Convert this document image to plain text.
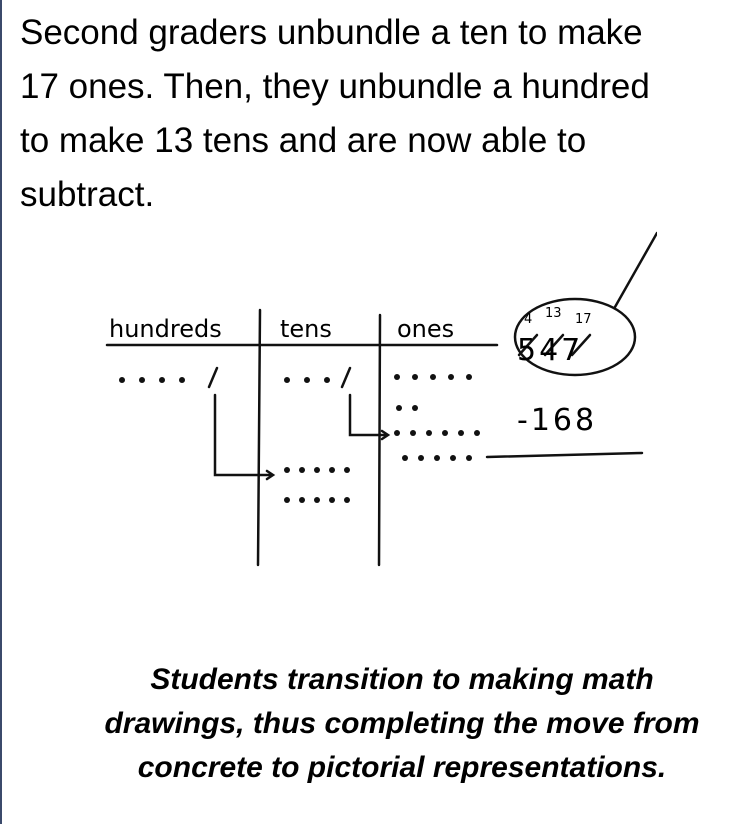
Second graders unbundle a ten to make
17 ones. Then, they unbundle a hundred
to make 13 tens and are now able to
subtract.
hundreds tens	ones	4 13 17
547
-168
Students transition to making math
drawings, thus completing the move from
concrete to pictorial representations.
